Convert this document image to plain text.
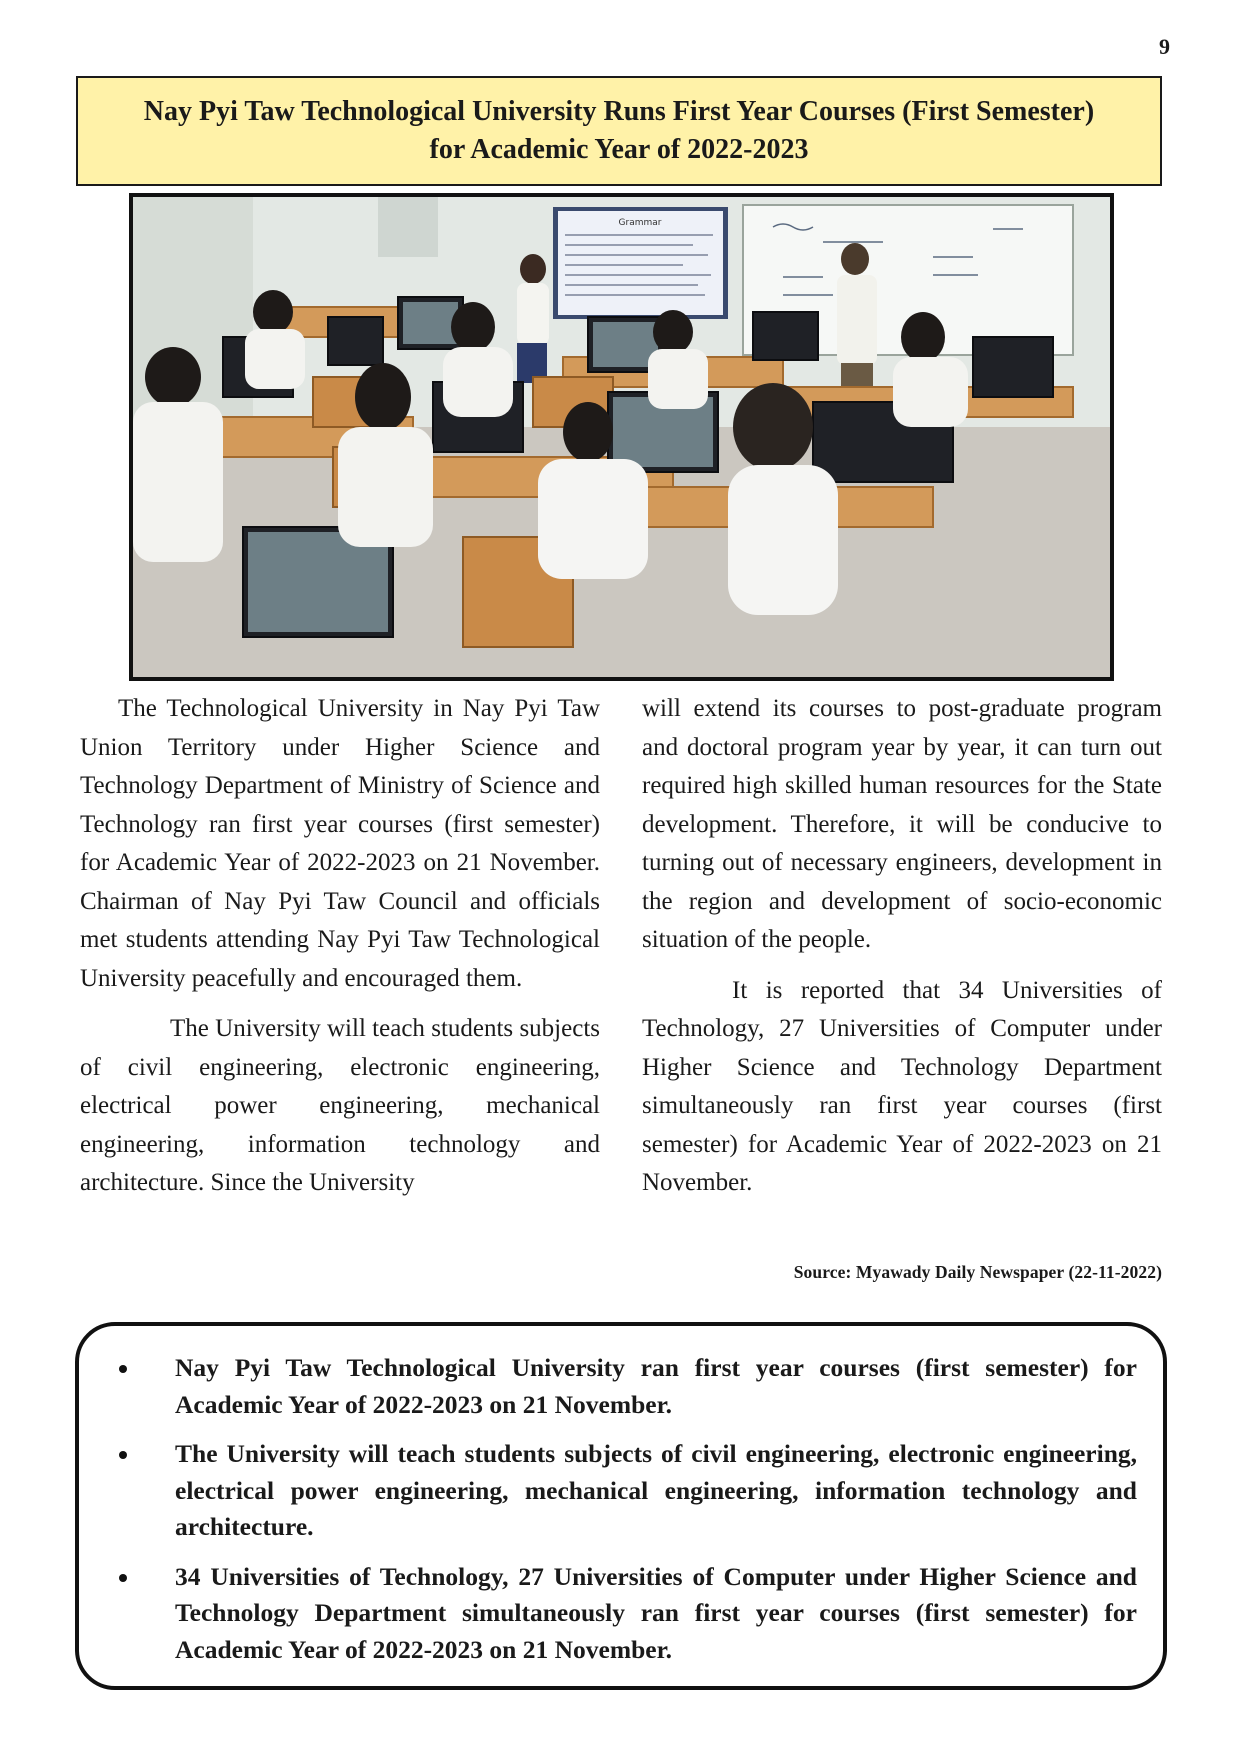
9
Nay Pyi Taw Technological University Runs First Year Courses (First Semester)
for Academic Year of 2022-2023
Grammar

The Technological University in Nay Pyi Taw Union Territory under Higher Science and Technology Department of Ministry of Science and Technology ran first year courses (first semester) for Academic Year of 2022-2023 on 21 November. Chairman of Nay Pyi Taw Council and officials met students attending Nay Pyi Taw Technological University peacefully and encouraged them.

The University will teach students subjects of civil engineering, electronic engineering, electrical power engineering, mechanical engineering, information technology and architecture. Since the University

will extend its courses to post-graduate program and doctoral program year by year, it can turn out required high skilled human resources for the State development. Therefore, it will be conducive to turning out of necessary engineers, development in the region and development of socio-economic situation of the people.

It is reported that 34 Universities of Technology, 27 Universities of Computer under Higher Science and Technology Department simultaneously ran first year courses (first semester) for Academic Year of 2022-2023 on 21 November.

Source: Myawady Daily Newspaper (22-11-2022)
Nay Pyi Taw Technological University ran first year courses (first semester) for Academic Year of 2022-2023 on 21 November.
The University will teach students subjects of civil engineering, electronic engineering, electrical power engineering, mechanical engineering, information technology and architecture.
34 Universities of Technology, 27 Universities of Computer under Higher Science and Technology Department simultaneously ran first year courses (first semester) for Academic Year of 2022-2023 on 21 November.
